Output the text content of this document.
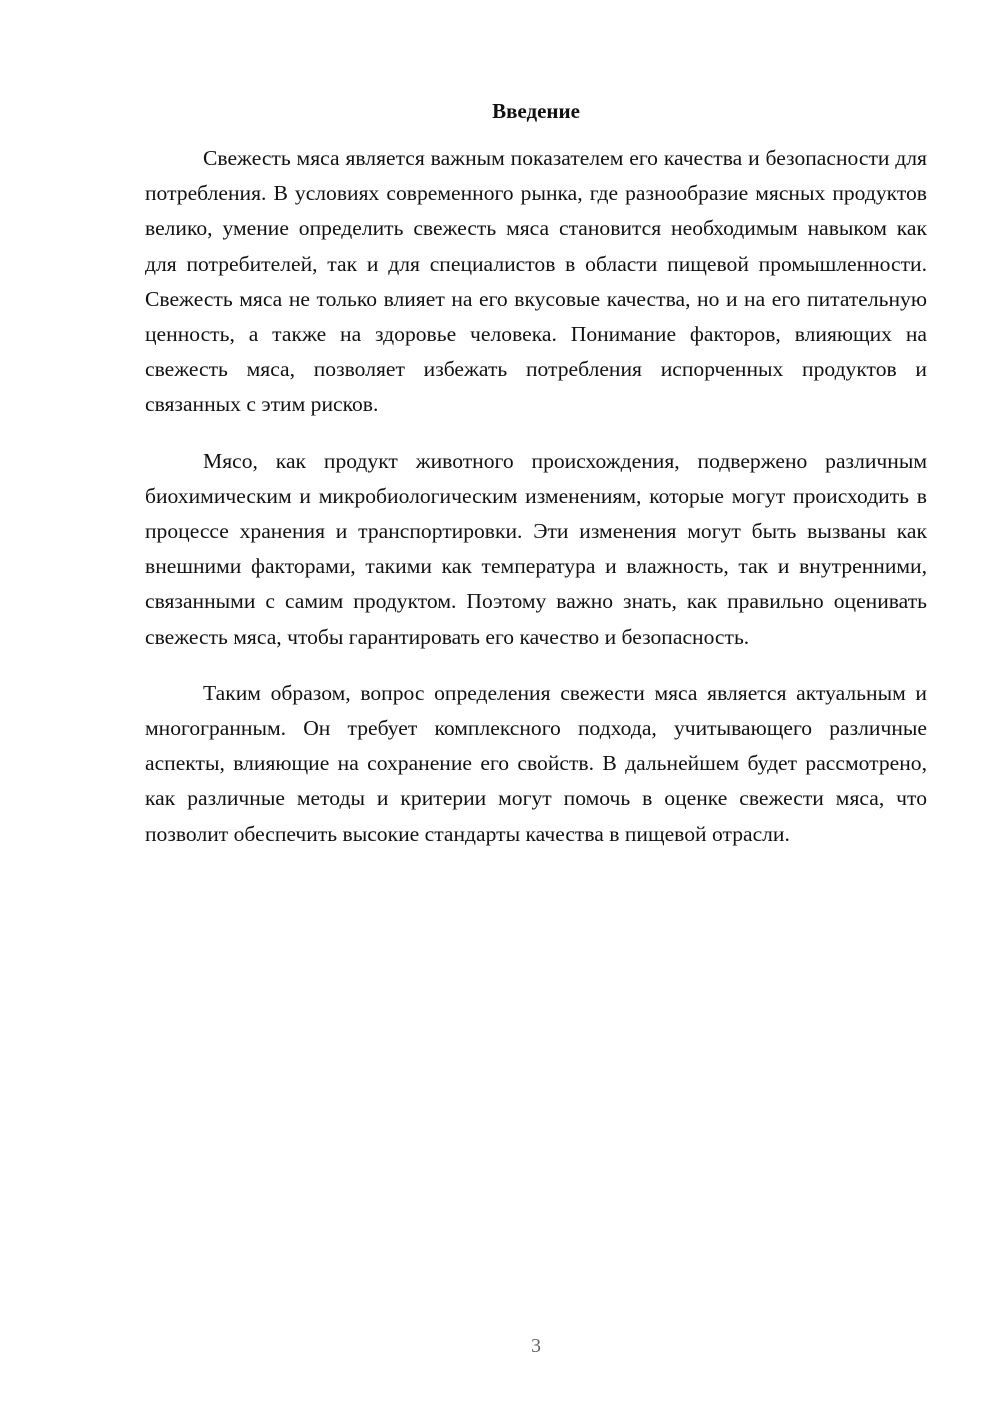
Введение

Свежесть мяса является важным показателем его качества и безопасности для потребления. В условиях современного рынка, где разнообразие мясных продуктов велико, умение определить свежесть мяса становится необходимым навыком как для потребителей, так и для специалистов в области пищевой промышленности. Свежесть мяса не только влияет на его вкусовые качества, но и на его питательную ценность, а также на здоровье человека. Понимание факторов, влияющих на свежесть мяса, позволяет избежать потребления испорченных продуктов и связанных с этим рисков.

Мясо, как продукт животного происхождения, подвержено различным биохимическим и микробиологическим изменениям, которые могут происходить в процессе хранения и транспортировки. Эти изменения могут быть вызваны как внешними факторами, такими как температура и влажность, так и внутренними, связанными с самим продуктом. Поэтому важно знать, как правильно оценивать свежесть мяса, чтобы гарантировать его качество и безопасность.

Таким образом, вопрос определения свежести мяса является актуальным и многогранным. Он требует комплексного подхода, учитывающего различные аспекты, влияющие на сохранение его свойств. В дальнейшем будет рассмотрено, как различные методы и критерии могут помочь в оценке свежести мяса, что позволит обеспечить высокие стандарты качества в пищевой отрасли.

3
